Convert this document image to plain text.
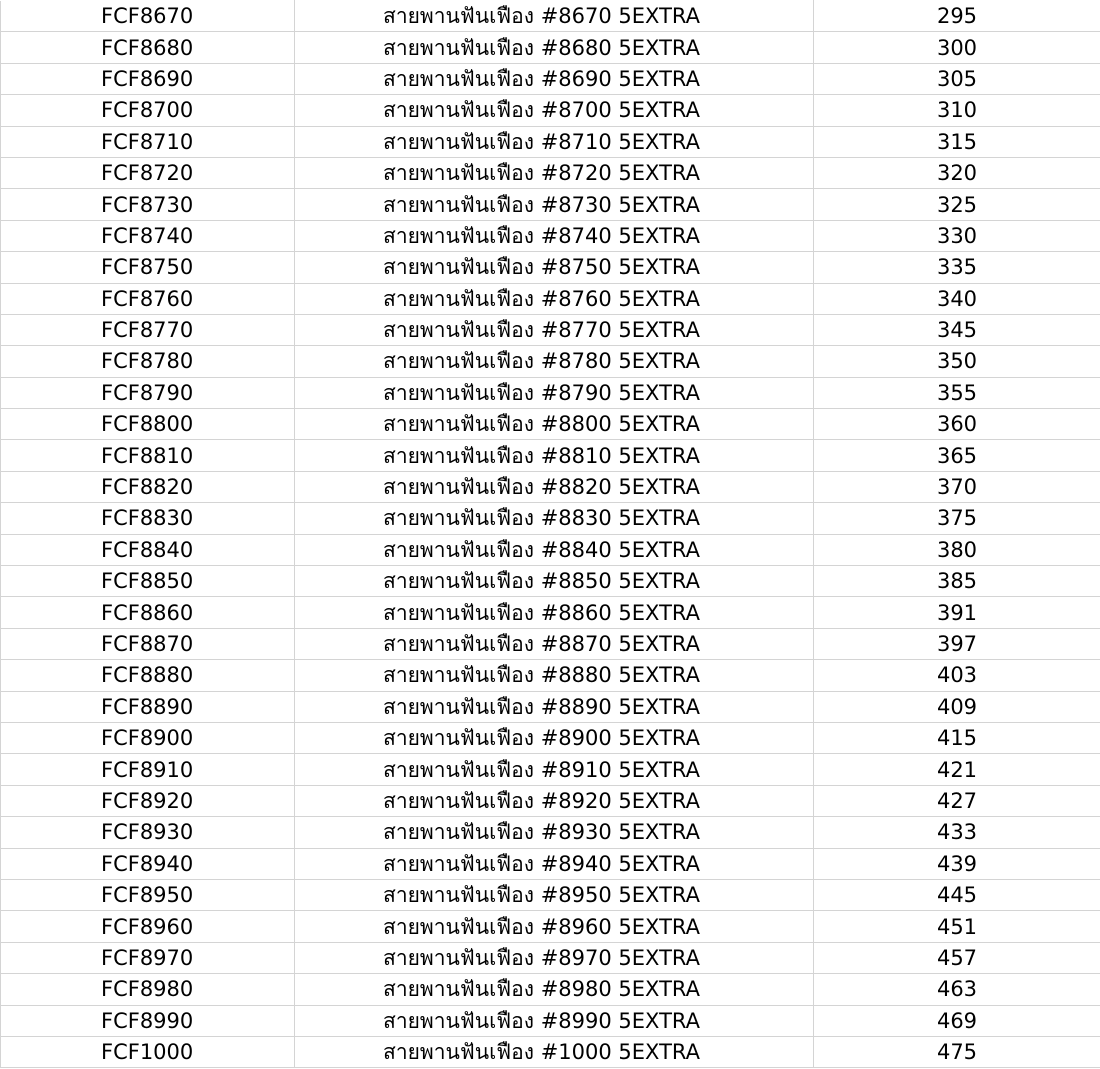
FCF8670	สายพานฟันเฟือง #8670 5EXTRA	295
FCF8680	สายพานฟันเฟือง #8680 5EXTRA	300
FCF8690	สายพานฟันเฟือง #8690 5EXTRA	305
FCF8700	สายพานฟันเฟือง #8700 5EXTRA	310
FCF8710	สายพานฟันเฟือง #8710 5EXTRA	315
FCF8720	สายพานฟันเฟือง #8720 5EXTRA	320
FCF8730	สายพานฟันเฟือง #8730 5EXTRA	325
FCF8740	สายพานฟันเฟือง #8740 5EXTRA	330
FCF8750	สายพานฟันเฟือง #8750 5EXTRA	335
FCF8760	สายพานฟันเฟือง #8760 5EXTRA	340
FCF8770	สายพานฟันเฟือง #8770 5EXTRA	345
FCF8780	สายพานฟันเฟือง #8780 5EXTRA	350
FCF8790	สายพานฟันเฟือง #8790 5EXTRA	355
FCF8800	สายพานฟันเฟือง #8800 5EXTRA	360
FCF8810	สายพานฟันเฟือง #8810 5EXTRA	365
FCF8820	สายพานฟันเฟือง #8820 5EXTRA	370
FCF8830	สายพานฟันเฟือง #8830 5EXTRA	375
FCF8840	สายพานฟันเฟือง #8840 5EXTRA	380
FCF8850	สายพานฟันเฟือง #8850 5EXTRA	385
FCF8860	สายพานฟันเฟือง #8860 5EXTRA	391
FCF8870	สายพานฟันเฟือง #8870 5EXTRA	397
FCF8880	สายพานฟันเฟือง #8880 5EXTRA	403
FCF8890	สายพานฟันเฟือง #8890 5EXTRA	409
FCF8900	สายพานฟันเฟือง #8900 5EXTRA	415
FCF8910	สายพานฟันเฟือง #8910 5EXTRA	421
FCF8920	สายพานฟันเฟือง #8920 5EXTRA	427
FCF8930	สายพานฟันเฟือง #8930 5EXTRA	433
FCF8940	สายพานฟันเฟือง #8940 5EXTRA	439
FCF8950	สายพานฟันเฟือง #8950 5EXTRA	445
FCF8960	สายพานฟันเฟือง #8960 5EXTRA	451
FCF8970	สายพานฟันเฟือง #8970 5EXTRA	457
FCF8980	สายพานฟันเฟือง #8980 5EXTRA	463
FCF8990	สายพานฟันเฟือง #8990 5EXTRA	469
FCF1000	สายพานฟันเฟือง #1000 5EXTRA	475
